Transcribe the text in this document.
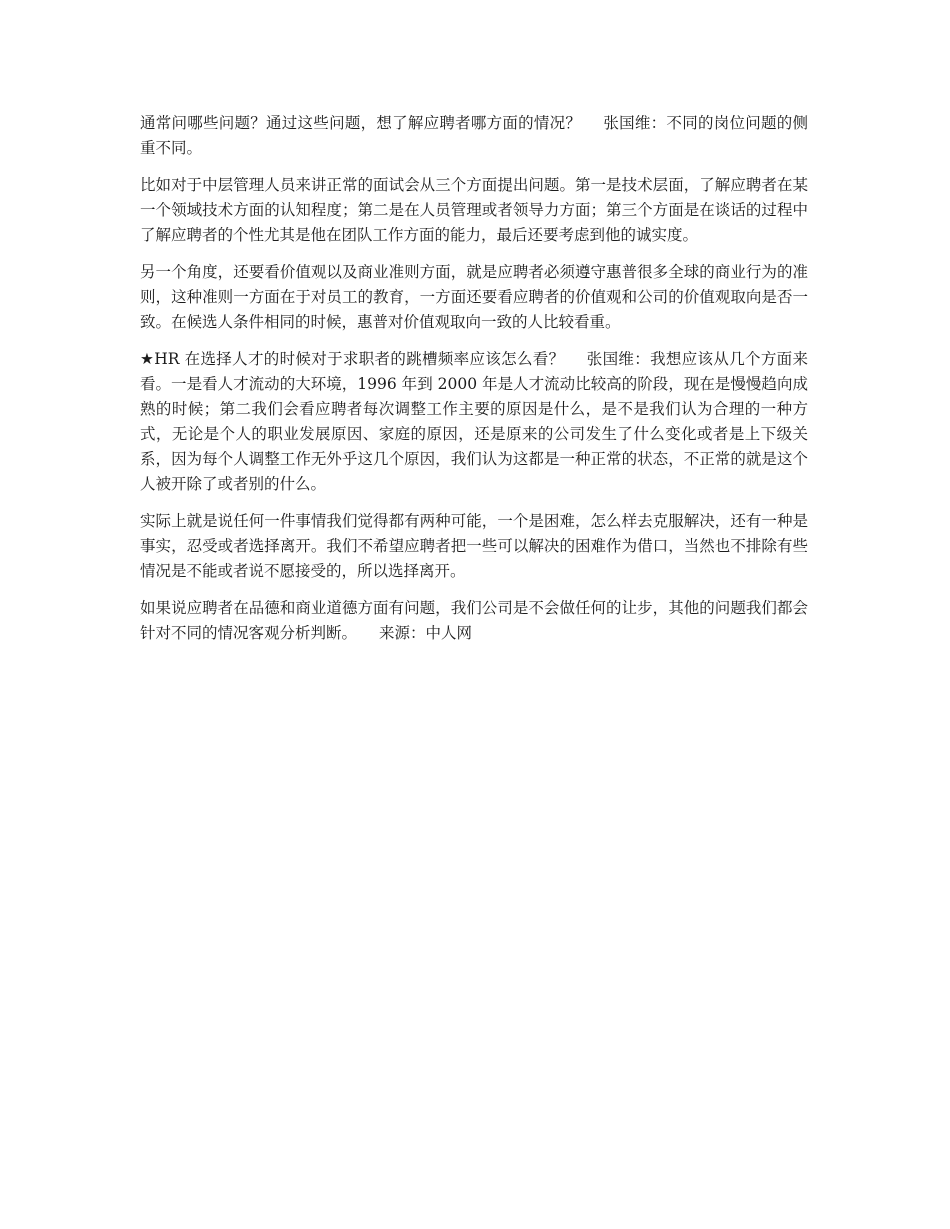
通常问哪些问题？通过这些问题，想了解应聘者哪方面的情况？ 张国维：不同的岗位问题的侧重不同。

比如对于中层管理人员来讲正常的面试会从三个方面提出问题。第一是技术层面，了解应聘者在某一个领域技术方面的认知程度；第二是在人员管理或者领导力方面；第三个方面是在谈话的过程中了解应聘者的个性尤其是他在团队工作方面的能力，最后还要考虑到他的诚实度。

另一个角度，还要看价值观以及商业准则方面，就是应聘者必须遵守惠普很多全球的商业行为的准则，这种准则一方面在于对员工的教育，一方面还要看应聘者的价值观和公司的价值观取向是否一致。在候选人条件相同的时候，惠普对价值观取向一致的人比较看重。

★HR 在选择人才的时候对于求职者的跳槽频率应该怎么看？ 张国维：我想应该从几个方面来看。一是看人才流动的大环境，1996 年到 2000 年是人才流动比较高的阶段，现在是慢慢趋向成熟的时候；第二我们会看应聘者每次调整工作主要的原因是什么，是不是我们认为合理的一种方式，无论是个人的职业发展原因、家庭的原因，还是原来的公司发生了什么变化或者是上下级关系，因为每个人调整工作无外乎这几个原因，我们认为这都是一种正常的状态，不正常的就是这个人被开除了或者别的什么。

实际上就是说任何一件事情我们觉得都有两种可能，一个是困难，怎么样去克服解决，还有一种是事实，忍受或者选择离开。我们不希望应聘者把一些可以解决的困难作为借口，当然也不排除有些情况是不能或者说不愿接受的，所以选择离开。

如果说应聘者在品德和商业道德方面有问题，我们公司是不会做任何的让步，其他的问题我们都会针对不同的情况客观分析判断。 来源：中人网
